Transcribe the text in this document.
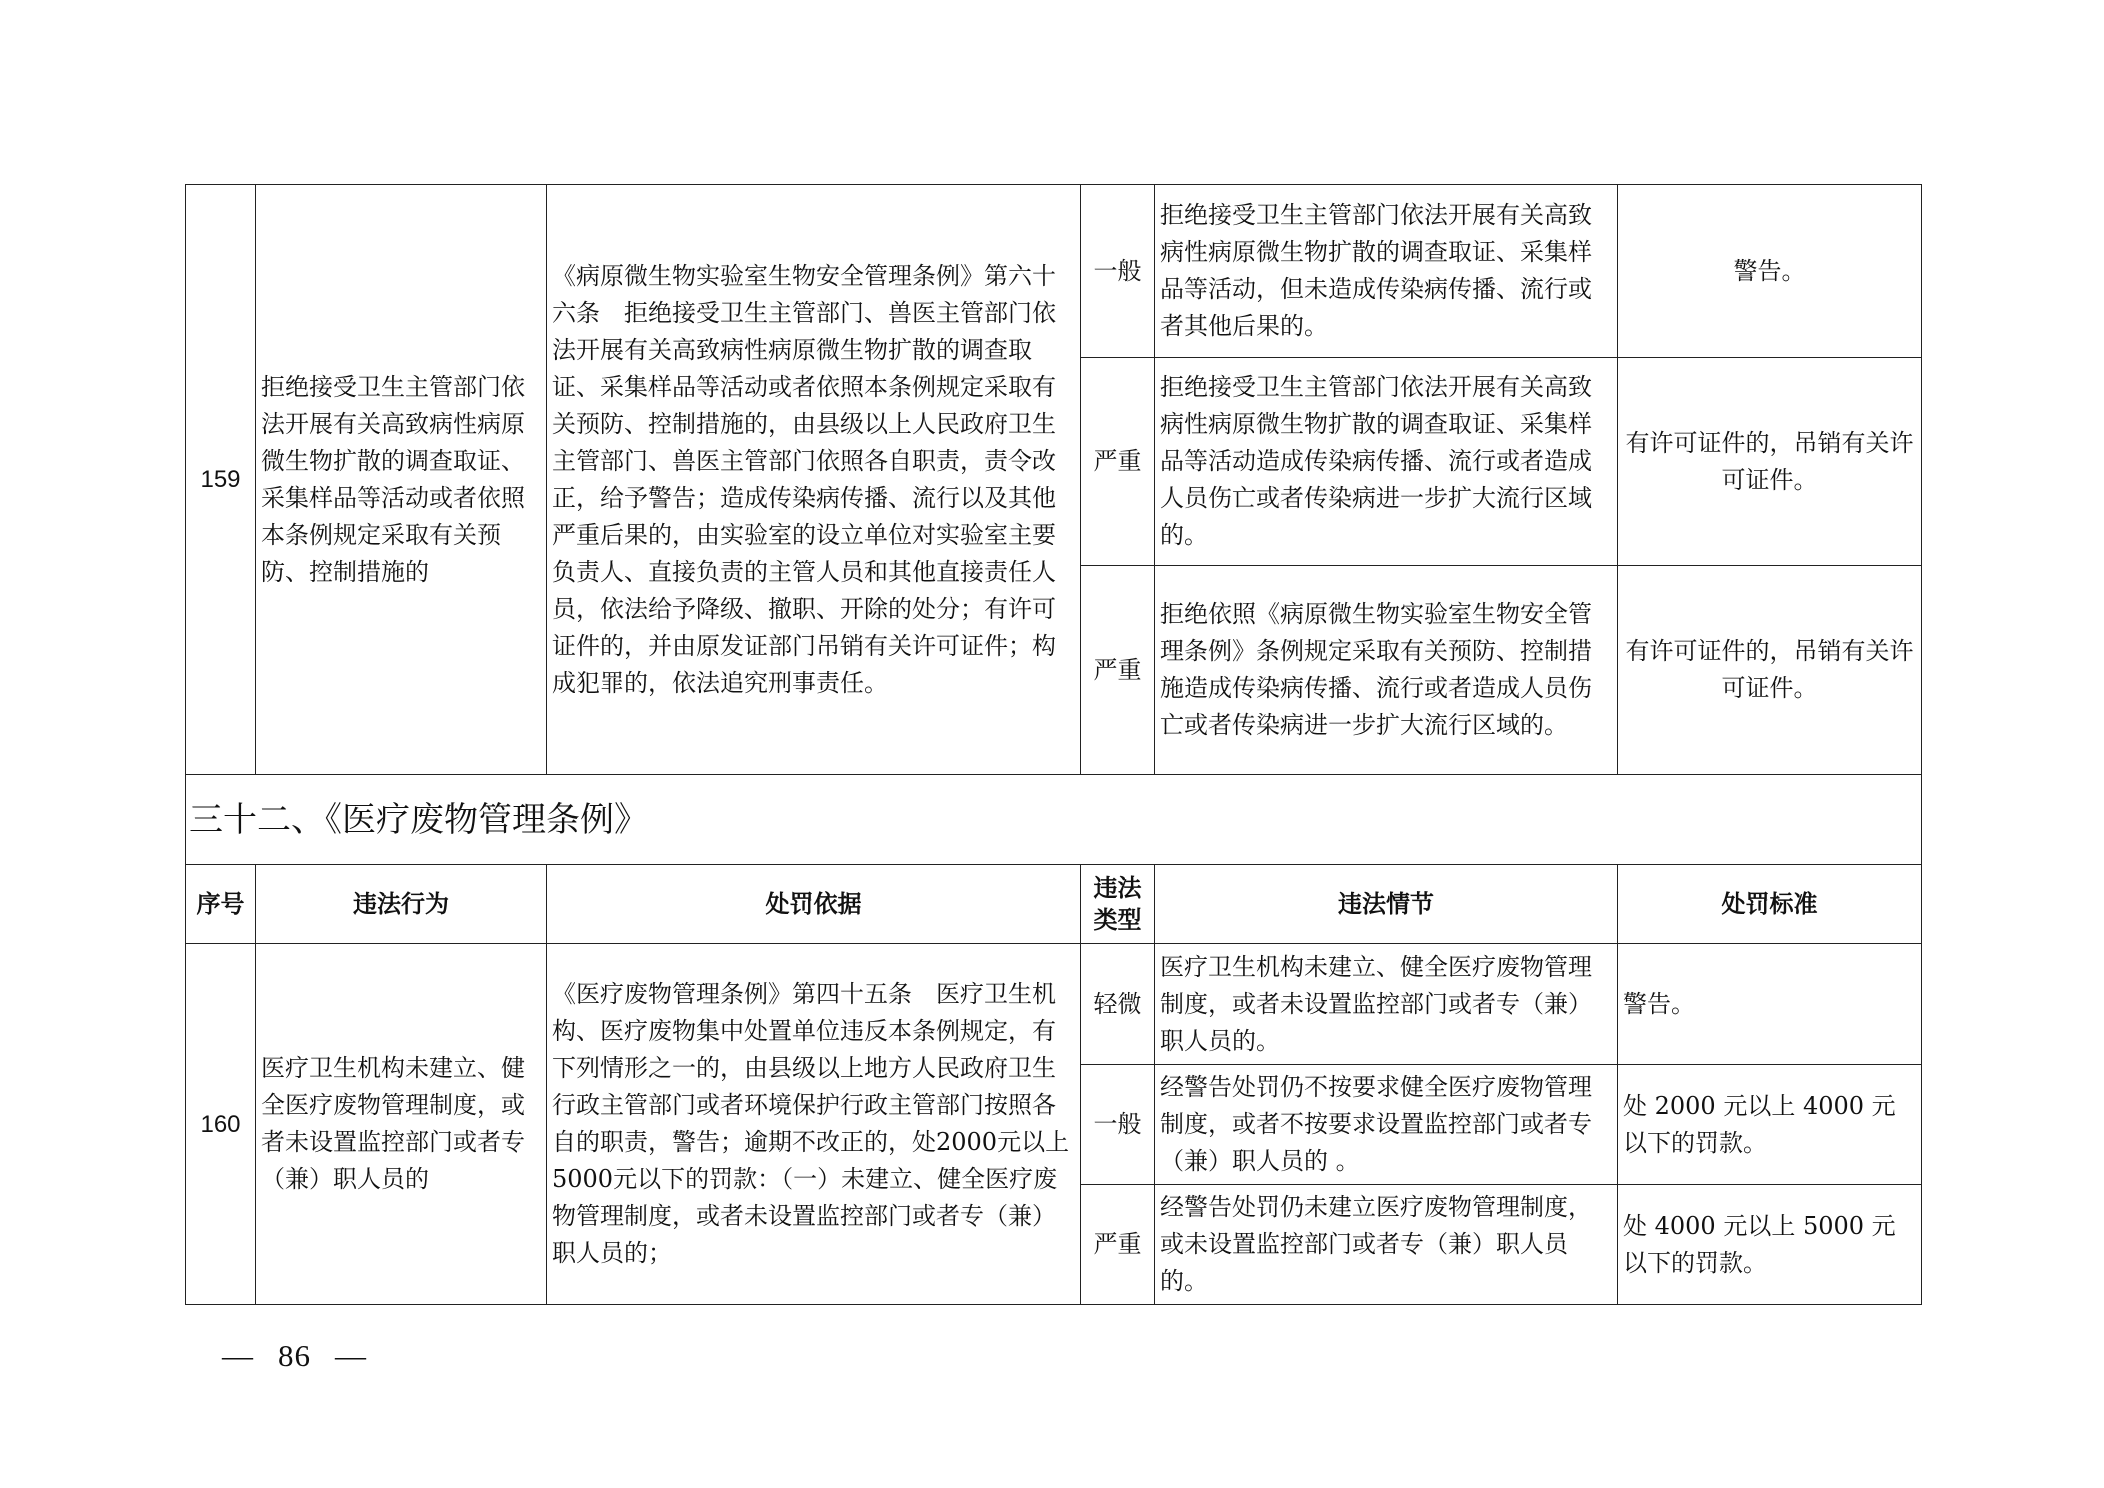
159	拒绝接受卫生主管部门依法开展有关高致病性病原微生物扩散的调查取证、采集样品等活动或者依照本条例规定采取有关预 防、控制措施的	《病原微生物实验室生物安全管理条例》第六十六条　拒绝接受卫生主管部门、兽医主管部门依法开展有关高致病性病原微生物扩散的调查取证、采集样品等活动或者依照本条例规定采取有关预防、控制措施的，由县级以上人民政府卫生主管部门、兽医主管部门依照各自职责，责令改正，给予警告；造成传染病传播、流行以及其他严重后果的，由实验室的设立单位对实验室主要负责人、直接负责的主管人员和其他直接责任人员，依法给予降级、撤职、开除的处分；有许可证件的，并由原发证部门吊销有关许可证件；构 成犯罪的，依法追究刑事责任。	一般	拒绝接受卫生主管部门依法开展有关高致病性病原微生物扩散的调查取证、采集样品等活动，但未造成传染病传播、流行或者其他后果的。	警告。
			严重	拒绝接受卫生主管部门依法开展有关高致病性病原微生物扩散的调查取证、采集样品等活动造成传染病传播、流行或者造成人员伤亡或者传染病进一步扩大流行区域的。	有许可证件的，吊销有关许可证件。
			严重	拒绝依照《病原微生物实验室生物安全管理条例》条例规定采取有关预防、控制措施造成传染病传播、流行或者造成人员伤亡或者传染病进一步扩大流行区域的。	有许可证件的，吊销有关许可证件。
三十二、《医疗废物管理条例》					
序号	违法行为	处罚依据	违法类型	违法情节	处罚标准
160	医疗卫生机构未建立、健全医疗废物管理制度，或者未设置监控部门或者专（兼）职人员的	《医疗废物管理条例》第四十五条　医疗卫生机构、医疗废物集中处置单位违反本条例规定，有下列情形之一的，由县级以上地方人民政府卫生行政主管部门或者环境保护行政主管部门按照各自的职责，警告；逾期不改正的，处2000元以上5000元以下的罚款：（一）未建立、健全医疗废物管理制度，或者未设置监控部门或者专（兼）职人员的；	轻微	医疗卫生机构未建立、健全医疗废物管理制度，或者未设置监控部门或者专（兼）职人员的。	警告。
			一般	经警告处罚仍不按要求健全医疗废物管理制度，或者不按要求设置监控部门或者专（兼）职人员的 。	处 2000 元以上 4000 元以下的罚款。
			严重	经警告处罚仍未建立医疗废物管理制度，或未设置监控部门或者专（兼）职人员的。	处 4000 元以上 5000 元以下的罚款。
— 86 —
